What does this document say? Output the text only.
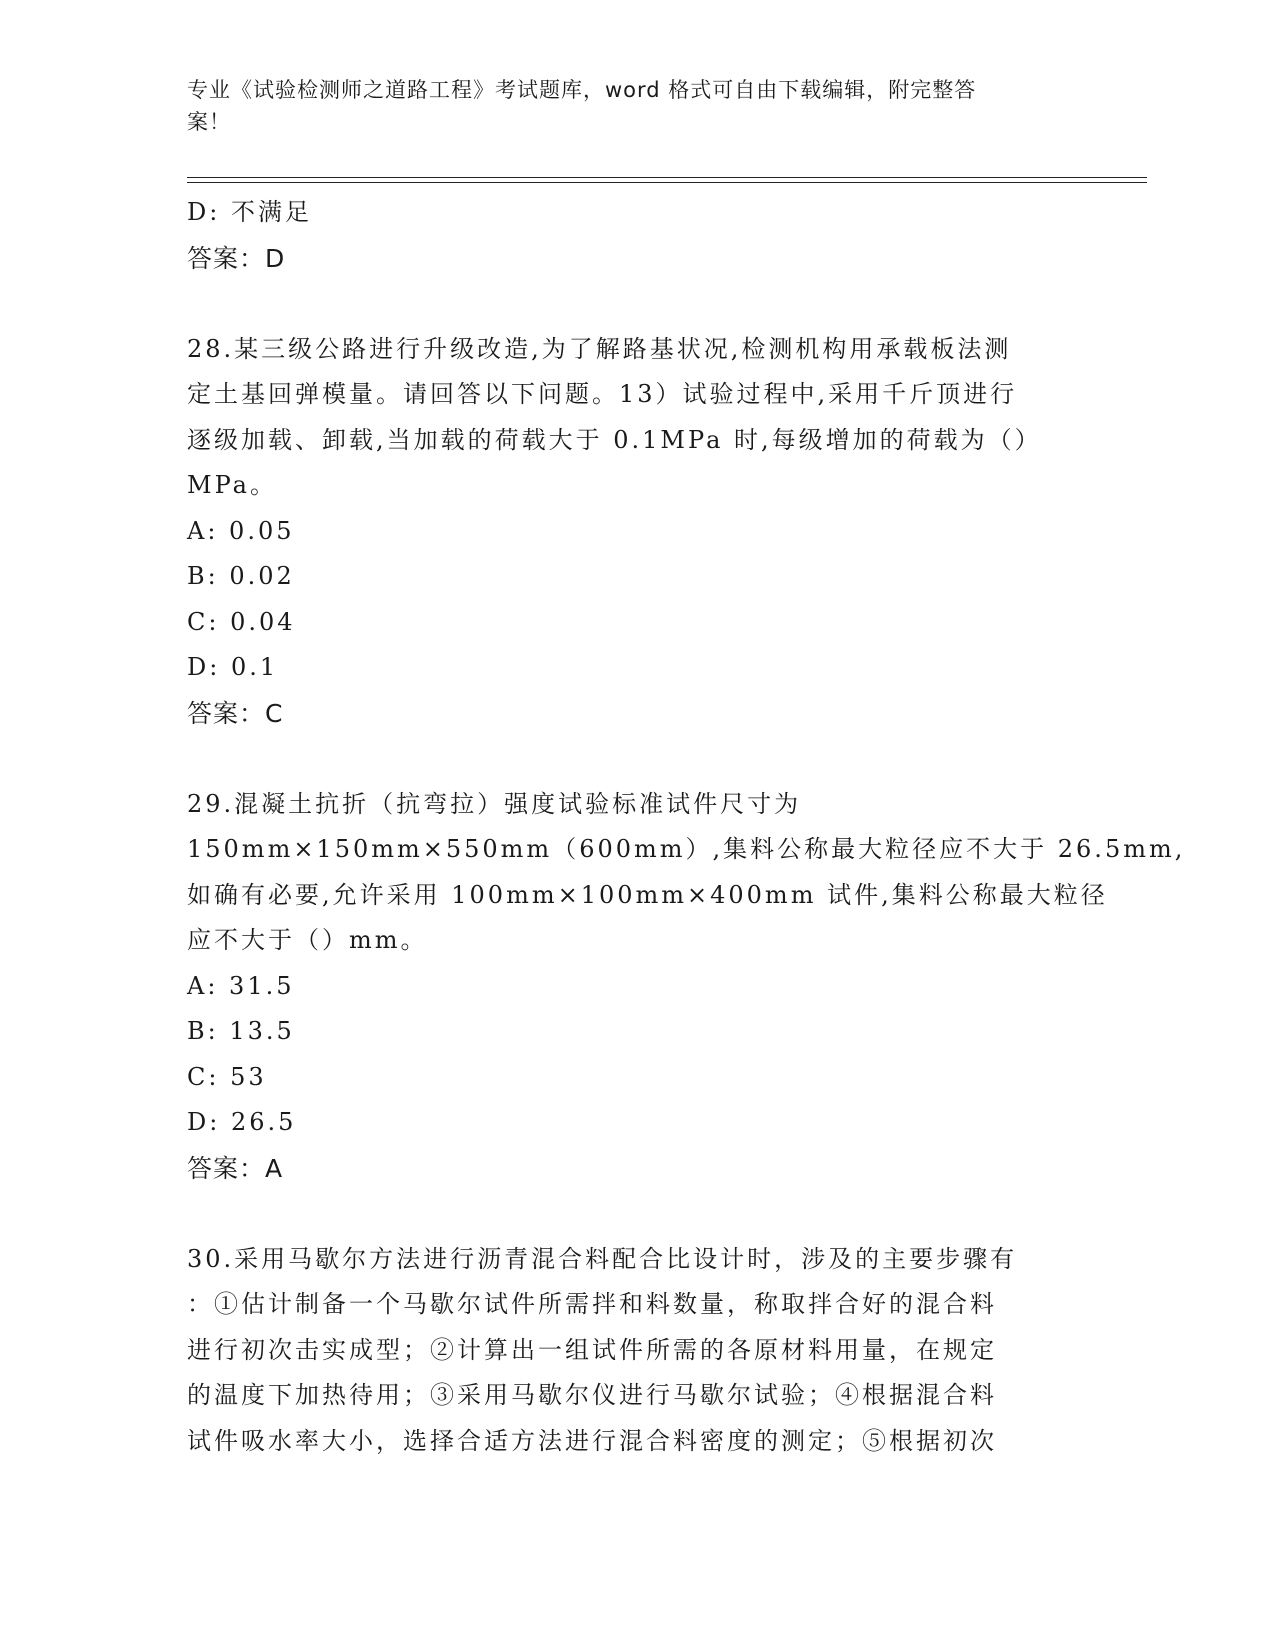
专业《试验检测师之道路工程》考试题库，word 格式可自由下载编辑，附完整答
案！
D: 不满足
答案：D
28.某三级公路进行升级改造,为了解路基状况,检测机构用承载板法测
定土基回弹模量。请回答以下问题。13）试验过程中,采用千斤顶进行
逐级加载、卸载,当加载的荷载大于 0.1MPa 时,每级增加的荷载为（）
MPa。
A: 0.05
B: 0.02
C: 0.04
D: 0.1
答案：C
29.混凝土抗折（抗弯拉）强度试验标准试件尺寸为
150mm×150mm×550mm（600mm）,集料公称最大粒径应不大于 26.5mm,
如确有必要,允许采用 100mm×100mm×400mm 试件,集料公称最大粒径
应不大于（）mm。
A: 31.5
B: 13.5
C: 53
D: 26.5
答案：A
30.采用马歇尔方法进行沥青混合料配合比设计时，涉及的主要步骤有
：①估计制备一个马歇尔试件所需拌和料数量，称取拌合好的混合料
进行初次击实成型；②计算出一组试件所需的各原材料用量，在规定
的温度下加热待用；③采用马歇尔仪进行马歇尔试验；④根据混合料
试件吸水率大小，选择合适方法进行混合料密度的测定；⑤根据初次
